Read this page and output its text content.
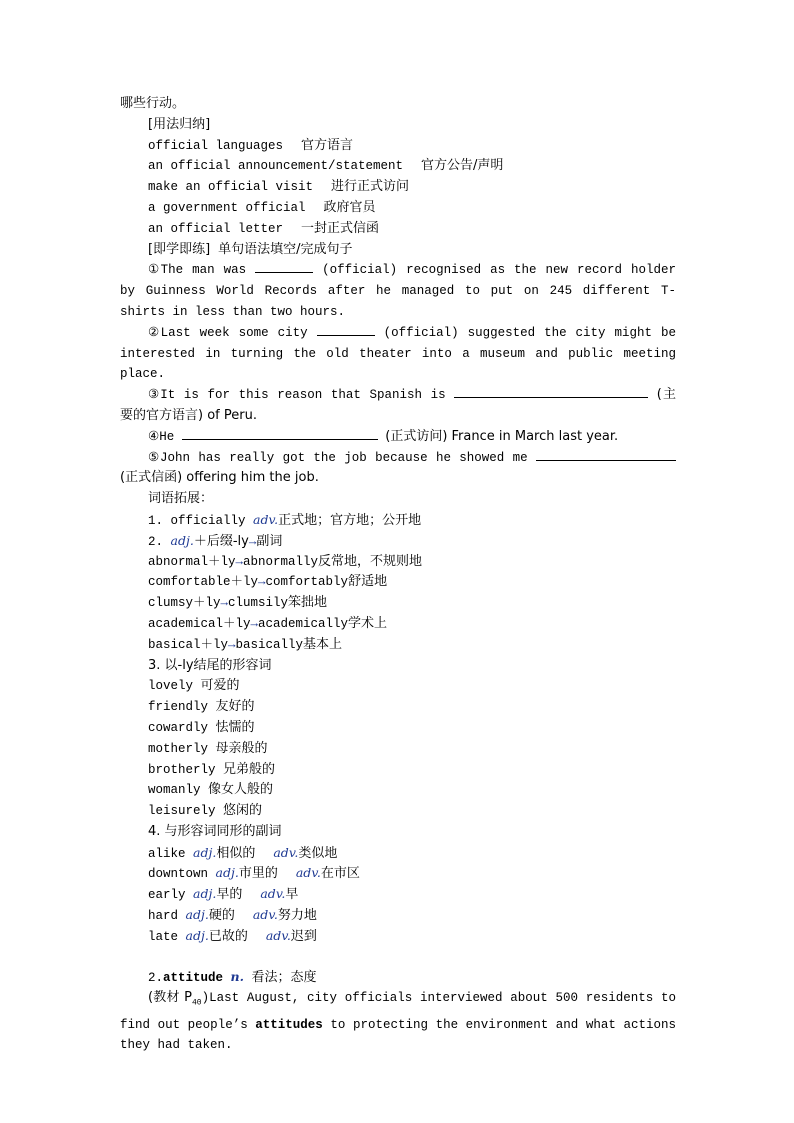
哪些行动。
[用法归纳]
official languages 官方语言
an official announcement/statement 官方公告/声明
make an official visit 进行正式访问
a government official 政府官员
an official letter 一封正式信函
[即学即练] 单句语法填空/完成句子
①The man was	(official) recognised as the new record holder by Guinness World Records after he managed to put on 245 different T-shirts in less than two hours.
②Last week some city	(official) suggested the city might be interested in turning the old theater into a museum and public meeting place.
③It is for this reason that Spanish is	(主要的官方语言) of Peru.
④He	(正式访问) France in March last year.
⑤John has really got the job because he showed me  (正式信函) offering him the job.
词语拓展：
1. officially adv.正式地；官方地；公开地
2. adj.＋后缀-ly→副词
abnormal＋ly→abnormally反常地，不规则地
comfortable＋ly→comfortably舒适地
clumsy＋ly→clumsily笨拙地
academical＋ly→academically学术上
basical＋ly→basically基本上
3. 以-ly结尾的形容词
lovely 可爱的
friendly 友好的
cowardly 怯懦的
motherly 母亲般的
brotherly 兄弟般的
womanly 像女人般的
leisurely 悠闲的
4. 与形容词同形的副词
alike adj.相似的 adv.类似地
downtown adj.市里的 adv.在市区
early adj.早的 adv.早
hard adj.硬的 adv.努力地
late adj.已故的 adv.迟到
2.attitude n. 看法；态度
(教材 $P_{40})Last$ August, city officials interviewed about 500 residents to find out people’s attitudes to protecting the environment and what actions they had taken.
